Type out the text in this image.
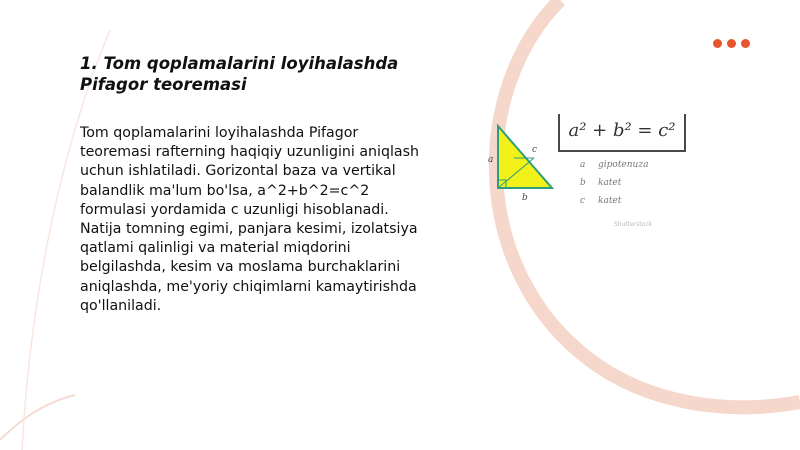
1. Tom qoplamalarini loyihalashda Pifagor teoremasi

Tom qoplamalarini loyihalashda Pifagor teoremasi rafterning haqiqiy uzunligini aniqlash uchun ishlatiladi. Gorizontal baza va vertikal balandlik ma'lum bo'lsa, a^2+b^2=c^2 formulasi yordamida c uzunligi hisoblanadi. Natija tomning egimi, panjara kesimi, izolatsiya qatlami qalinligi va material miqdorini belgilashda, kesim va moslama burchaklarini aniqlashda, me'yoriy chiqimlarni kamaytirishda qo'llaniladi.

a
b
c
a² + b² = c²
a gipotenuza
b katet
c katet
Shutterstock
